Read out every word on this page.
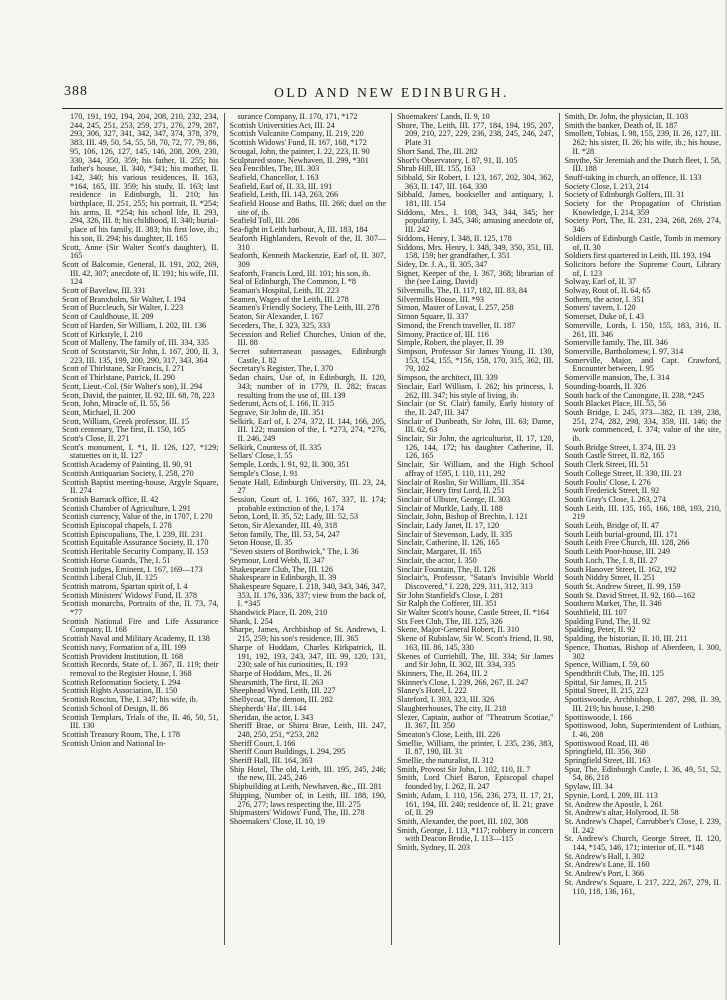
388	OLD AND NEW EDINBURGH.

170, 191, 192, 194, 204, 208, 210, 232, 234, 244, 245, 251, 253, 259, 271, 276, 279, 287, 293, 306, 327, 341, 342, 347, 374, 378, 379, 383, III. 49, 50, 54, 55, 58, 70, 72, 77, 79, 86, 95, 106, 126, 127, 145, 146, 208, 209, 230, 330, 344, 350, 359; his father, II. 255; his father's house, II. 340, *341; his mother, II. 142, 340; his various residences, II. 163, *164, 165, III. 359; his study, II. 163; last residence in Edinburgh, II. 210; his birthplace, II. 251, 255; his portrait, II. *254; his arms, II. *254; his school life, II. 293, 294, 326, III. 8; his childhood, II. 340; burial-place of his family, II. 383; his first love, ib.; his son, II. 294; his daughter, II. 165

Scott, Anne (Sir Walter Scott's daughter), II. 165

Scott of Balcomie, General, II. 191, 202, 269, III. 42, 307; anecdote of, II. 191; his wife, III. 124

Scott of Bavelaw, III. 331

Scott of Branxholm, Sir Walter, I. 194

Scott of Buccleuch, Sir Walter, I. 223

Scott of Cauldhouse, II. 209

Scott of Harden, Sir William, I. 202, III. 136

Scott of Kirkstyle, I. 210

Scott of Malleny, The family of, III. 334, 335

Scott of Scotstarvit, Sir John, I. 167, 200, II. 3, 223, III. 135, 199, 200, 290, 317, 343, 364

Scott of Thirlstane, Sir Francis, I. 271

Scott of Thirlstane, Patrick, II. 290

Scott, Lieut.-Col. (Sir Walter's son), II. 294

Scott, David, the painter, II. 92, III. 68, 78, 223

Scott, John, Miracle of, II. 55, 56

Scott, Michael, II. 200

Scott, William, Greek professor, III. 15

Scott centenary, The first, II. 150, 165

Scott's Close, II. 271

Scott's monument, I. *1, II. 126, 127, *129; statuettes on it, II. 127

Scottish Academy of Painting, II. 90, 91

Scottish Antiquarian Society, I. 258, 270

Scottish Baptist meeting-house, Argyle Square, II. 274

Scottish Barrack office, II. 42

Scottish Chamber of Agriculture, I. 291

Scottish currency, Value of the, in 1707, I. 270

Scottish Episcopal chapels, I. 278

Scottish Episcopalians, The, I. 239, III. 231

Scottish Equitable Assurance Society, II. 170

Scottish Heritable Security Company, II. 153

Scottish Horse Guards, The, I. 51

Scottish judges, Eminent, I. 167, 169—173

Scottish Liberal Club, II. 125

Scottish matrons, Spartan spirit of, I. 4

Scottish Ministers' Widows' Fund, II. 378

Scottish monarchs, Portraits of the, II. 73, 74, *77

Scottish National Fire and Life Assurance Company, II. 168

Scottish Naval and Military Academy, II. 138

Scottish navy, Formation of a, III. 199

Scottish Provident Institution, II. 168

Scottish Records, State of, I. 367, II. 119; their removal to the Register House, I. 368

Scottish Reformation Society, I. 294

Scottish Rights Association, II. 150

Scottish Roscius, The, I. 347; his wife, ib.

Scottish School of Design, II. 86

Scottish Templars, Trials of the, II. 46, 50, 51, III. 130

Scottish Treasury Room, The, I. 178

Scottish Union and National In-

surance Company, II. 170, 171, *172

Scottish Universities Act, III. 24

Scottish Vulcanite Company, II. 219, 220

Scottish Widows' Fund, II. 167, 168, *172

Scougal, John, the painter, I. 22, 223, II. 90

Sculptured stone, Newhaven, II. 299, *301

Sea Fencibles, The, III. 303

Seafield, Chancellor, I. 163

Seafield, Earl of, II. 33, III. 191

Seafield, Leith, III. 143, 263, 266

Seafield House and Baths, III. 266; duel on the site of, ib.

Seafield Toll, III. 286

Sea-fight in Leith harbour, A, III. 183, 184

Seaforth Highlanders, Revolt of the, II. 307—310

Seaforth, Kenneth Mackenzie, Earl of, II. 307, 309

Seaforth, Francis Lord, III. 101; his son, ib.

Seal of Edinburgh, The Common, I. *8

Seaman's Hospital, Leith, III. 223

Seamen, Wages of the Leith, III. 278

Seamen's Friendly Society, The Leith, III. 278

Seaton, Sir Alexander, I. 167

Seceders, The, I. 323, 325, 333

Secession and Relief Churches, Union of the, III. 88

Secret subterranean passages, Edinburgh Castle, I. 82

Secretary's Register, The, I. 370

Sedan chairs, Use of, in Edinburgh, II. 120, 343; number of in 1779, II. 282; fracas resulting from the use of, III. 139

Sederunt, Acts of, I. 166, II. 315

Segrave, Sir John de, III. 351

Selkirk, Earl of, I. 274, 372, II. 144, 166, 205, III. 122; mansion of the, I. *273, 274, *276, II. 246, 249

Selkirk, Countess of, II. 335

Sellars' Close, I. 55

Semple, Lords, I. 91, 92, II. 300, 351

Semple's Close, I. 91

Senate Hall, Edinburgh University, III. 23, 24, 27

Session, Court of, I. 166, 167, 337, II. 174; probable extinction of the, I. 174

Seton, Lord, II. 35, 52; Lady, III. 52, 53

Seton, Sir Alexander, III. 49, 318

Seton family, The, III. 53, 54, 247

Seton House, II. 35

"Seven sisters of Borthwick," The, I. 36

Seymour, Lord Webb, II. 347

Shakespeare Club, The, III. 126

Shakespeare in Edinburgh, II. 39

Shakespeare Square, I. 218, 340, 343, 346, 347, 353, II. 176, 336, 337; view from the back of, I. *345

Shandwick Place, II. 209, 210

Shank, I. 254

Sharpe, James, Archbishop of St. Andrews, I. 215, 259; his son's residence, III. 365

Sharpe of Hoddam, Charles Kirkpatrick, II. 191, 192, 193, 243, 347, III. 99, 120, 131, 230; sale of his curiosities, II. 193

Sharpe of Hoddam, Mrs., II. 26

Shearsmith, The first, II. 263

Sheephead Wynd, Leith, III. 227

Shellycoat, The demon, III. 282

Shepherds' Ha', III. 144

Sheridan, the actor, I. 343

Sheriff Brae, or Shirra Brae, Leith, III. 247, 248, 250, 251, *253, 282

Sheriff Court, I. 166

Sheriff Court Buildings, I. 294, 295

Sheriff Hall, III. 164, 363

Ship Hotel, The old, Leith, III. 195, 245, 246; the new, III. 245, 246

Shipbuilding at Leith, Newhaven, &c., III. 281

Shipping, Number of, in Leith, III. 188, 190, 276, 277; laws respecting the, III. 275

Shipmasters' Widows' Fund, The, III. 278

Shoemakers' Close, II. 10, 19

Shoemakers' Lands, II. 9, 10

Shore, The, Leith, III. 177, 184, 194, 195, 207, 209, 210, 227, 229, 236, 238, 245, 246, 247, Plate 31

Short Sand, The, III. 282

Short's Observatory, I. 87, 91, II. 105

Shrub Hill, III. 155, 163

Sibbald, Sir Robert, I. 123, 167, 202, 304, 362, 363, II. 147, III. 164, 330

Sibbald, James, bookseller and antiquary, I. 181, III. 154

Siddons, Mrs., I. 108, 343, 344, 345; her popularity, I. 345, 346; amusing anecdote of, III. 242

Siddons, Henry, I. 348, II. 125, 178

Siddons, Mrs. Henry, I. 348, 349, 350, 351, III. 158, 159; her grandfather, I. 351

Sidey, Dr. J. A., II. 305, 347

Signet, Keeper of the, I. 367, 368; librarian of the (see Laing, David)

Silvermills, The, II. 117, 182, III. 83, 84

Silvermills House, III. *93

Simon, Master of Lovat, I. 257, 258

Simon Square, II. 337

Simond, the French traveller, II. 187

Simony, Practice of, III. 116

Simple, Robert, the player, II. 39

Simpson, Professor Sir James Young, II. 130, 153, 154, 155, *156, 158, 170, 315, 362, III. 79, 102

Simpson, the architect, III. 339

Sinclair, Earl William, I. 262; his princess, I. 262, III. 347; his style of living, ib.

Sinclair (or St. Clair) family, Early history of the, II. 247, III. 347

Sinclair of Dunbeath, Sir John, III. 63; Dame, III. 62, 63

Sinclair, Sir John, the agriculturist, II. 17, 120, 126, 144, 172; his daughter Catherine, II. 126, 165

Sinclair, Sir William, and the High School affray of 1595, I. 110, 111, 292

Sinclair of Roslin, Sir William, III. 354

Sinclair, Henry first Lord, II. 251

Sinclair of Ulbster, George, II. 303

Sinclair of Murkle, Lady, II. 188

Sinclair, John, Bishop of Brechin, I. 121

Sinclair, Lady Janet, II. 17, 120

Sinclair of Stevenson, Lady, II. 335

Sinclair, Catherine, II. 126, 165

Sinclair, Margaret, II. 165

Sinclair, the actor, I. 350

Sinclair Fountain, The, II. 126

Sinclair's, Professor, "Satan's Invisible World Discovered," I. 228, 229, 311, 312, 313

Sir John Stanfield's Close, I. 281

Sir Ralph the Cofferer, III. 351

Sir Walter Scott's house, Castle Street, II. *164

Six Feet Club, The, III. 125, 326

Skene, Major-General Robert, II. 310

Skene of Rubislaw, Sir W. Scott's friend, II. 98, 163, III. 86, 145, 330

Skenes of Curriehill, The, III. 334; Sir James and Sir John, II. 302, III. 334, 335

Skinners, The, II. 264, III. 2

Skinner's Close, I. 239, 266, 267, II. 247

Slaney's Hotel, I. 222

Slateford, I. 303, 323, III. 326

Slaughterhouses, The city, II. 218

Slezer, Captain, author of "Theatrum Scotiae," II. 367, III. 350

Smeaton's Close, Leith, III. 226

Smellie, William, the printer, I. 235, 236, 383, II. 87, 190, III. 31

Smellie, the naturalist, II. 312

Smith, Provost Sir John, I. 102, 110, II. 7

Smith, Lord Chief Baron, Episcopal chapel founded by, I. 262, II. 247

Smith, Adam, I. 110, 156, 236, 273, II. 17, 21, 161, 194, III. 240; residence of, II. 21; grave of, II. 29

Smith, Alexander, the poet, III. 102, 308

Smith, George, I. 113, *117; robbery in concern with Deacon Brodie, I. 113—115

Smith, Sydney, II. 203

Smith, Dr. John, the physician, II. 103

Smith the banker, Death of, II. 187

Smollett, Tobias, I. 98, 155, 239, II. 26, 127, III. 262; his sister, II. 26; his wife, ib.; his house, II. *28

Smythe, Sir Jeremiah and the Dutch fleet, I. 58, III. 188

Snuff-taking in church, an offence, II. 133

Society Close, I. 213, 214

Society of Edinburgh Golfers, III. 31

Society for the Propagation of Christian Knowledge, I. 214, 359

Society Port, The, II. 231, 234, 268, 269, 274, 346

Soldiers of Edinburgh Castle, Tomb in memory of, II. 30

Soldiers first quartered in Leith, III. 193, 194

Solicitors before the Supreme Court, Library of, I. 123

Solway, Earl of, II. 37

Solway, Rout of, II. 64, 65

Sothern, the actor, I. 351

Somers' tavern, I. 120

Somerset, Duke of, I. 43

Somerville, Lords, I. 150, 155, 183, 316, II. 261, III. 346

Somerville family, The, III. 346

Somerville, Bartholomew, I. 97, 314

Somerville, Major, and Capt. Crawford, Encounter between, I. 95

Somerville mansion, The, I. 314

Sounding-boards, II. 326

South back of the Canongate, II. 238, *245

South Blacket Place, III. 55, 56

South Bridge, I. 245, 373—382, II. 139, 238, 251, 274, 282, 298, 334, 359, III. 146; the work commenced, I. 374; value of the site, ib.

South Bridge Street, I. 374, III. 23

South Castle Street, II. 82, 165

South Clerk Street, III. 51

South College Street, II. 330, III. 23

South Foulis' Close, I. 276

South Frederick Street, II. 92

South Gray's Close, I. 263, 274

South Leith, III. 135, 165, 166, 188, 193, 210, 219

South Leith, Bridge of, II. 47

South Leith burial-ground, III. 171

South Leith Free Church, III. 128, 266

South Leith Poor-house, III. 249

South Loch, The, I. 8, III. 27

South Hanover Street, II. 162, 192

South Niddry Street, II. 251

South St. Andrew Street, II. 99, 159

South St. David Street, II. 92, 160—162

Southern Market, The, II. 346

Southfield, III. 107

Spalding Fund, The, II. 92

Spalding, Peter, II. 92

Spalding, the historian, II. 10, III. 211

Spence, Thomas, Bishop of Aberdeen, I. 300, 302

Spence, William, I. 59, 60

Spendthrift Club, The, III. 125

Spittal, Sir James, II. 215

Spittal Street, II. 215, 223

Spottiswoode, Archbishop, I. 287, 298, II. 39, III. 219; his house, I. 298

Spottiswoode, I. 166

Spottiswood, John, Superintendent of Lothian, I. 46, 208

Spottiswood Road, III. 46

Springfield, III. 356, 360

Springfield Street, III. 163

Spur, The, Edinburgh Castle, I. 36, 49, 51, 52, 54, 86, 218

Spylaw, III. 34

Spynie, Lord, I. 209, III. 113

St. Andrew the Apostle, I. 261

St. Andrew's altar, Holyrood, II. 58

St. Andrew's Chapel, Carrubber's Close, I. 239, II. 242

St. Andrew's Church, George Street, II. 120, 144, *145, 146, 171; interior of, II. *148

St. Andrew's Hall, I. 302

St. Andrew's Lane, II. 160

St. Andrew's Port, I. 366

St. Andrew's Square, I. 217, 222, 267, 279, II. 110, 118, 136, 161,
